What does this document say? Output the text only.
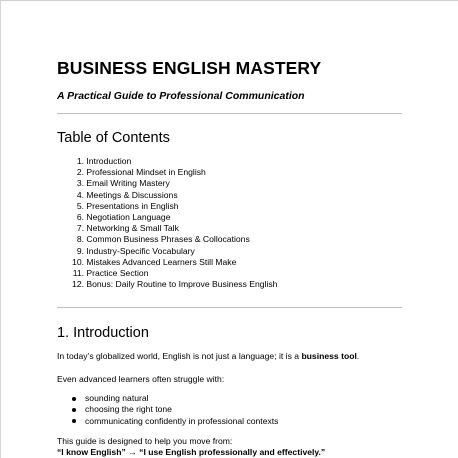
BUSINESS ENGLISH MASTERY
A Practical Guide to Professional Communication
Table of Contents
1. Introduction
2. Professional Mindset in English
3. Email Writing Mastery
4. Meetings & Discussions
5. Presentations in English
6. Negotiation Language
7. Networking & Small Talk
8. Common Business Phrases & Collocations
9. Industry-Specific Vocabulary
10. Mistakes Advanced Learners Still Make
11. Practice Section
12. Bonus: Daily Routine to Improve Business English
1. Introduction
In today’s globalized world, English is not just a language; it is a business tool.
Even advanced learners often struggle with:
sounding natural
choosing the right tone
communicating confidently in professional contexts
This guide is designed to help you move from:
“I know English” → “I use English professionally and effectively.”
